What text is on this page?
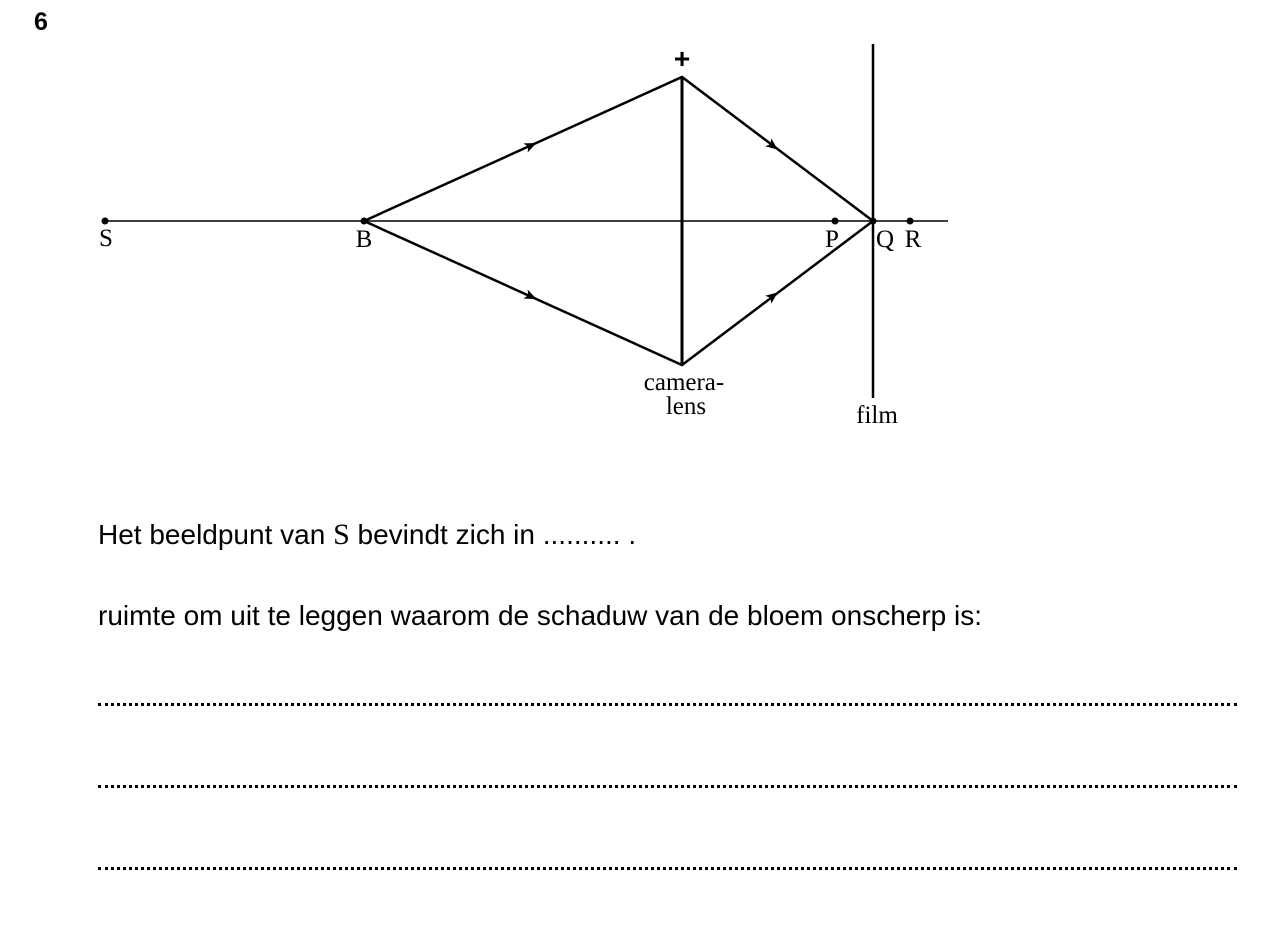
6
+
S	B	P Q R
camera-
lens	film
Het beeldpunt van S bevindt zich in .......... .
ruimte om uit te leggen waarom de schaduw van de bloem onscherp is:
